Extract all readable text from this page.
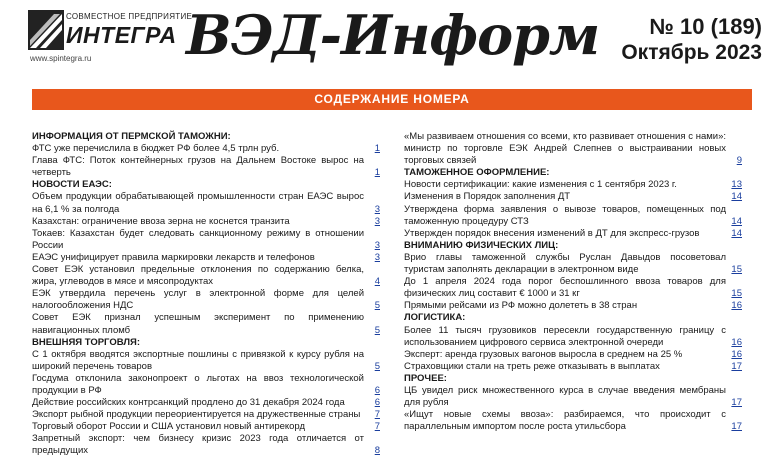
СОВМЕСТНОЕ ПРЕДПРИЯТИЕ
ИНТЕГРА
www.spintegra.ru ВЭД-Информ	№ 10 (189)
Октябрь 2023
СОДЕРЖАНИЕ НОМЕРА
ИНФОРМАЦИЯ ОТ ПЕРМСКОЙ ТАМОЖНИ:
ФТС уже перечислила в бюджет РФ более 4,5 трлн руб.	1
Глава ФТС: Поток контейнерных грузов на Дальнем Востоке вырос на четверть	1
НОВОСТИ ЕАЭС:
Объем продукции обрабатывающей промышленности стран ЕАЭС вырос на 6,1 % за полгода	3
Казахстан: ограничение ввоза зерна не коснется транзита	3
Токаев: Казахстан будет следовать санкционному режиму в отношении России	3
ЕАЭС унифицирует правила маркировки лекарств и телефонов	3
Совет ЕЭК установил предельные отклонения по содержанию белка, жира, углеводов в мясе и мясопродуктах	4
ЕЭК утвердила перечень услуг в электронной форме для целей налогообложения НДС	5
Совет ЕЭК признал успешным эксперимент по применению навигационных пломб	5
ВНЕШНЯЯ ТОРГОВЛЯ:
С 1 октября вводятся экспортные пошлины с привязкой к курсу рубля на широкий перечень товаров	5
Госдума отклонила законопроект о льготах на ввоз технологической продукции в РФ	6
Действие российских контрсанкций продлено до 31 декабря 2024 года	6
Экспорт рыбной продукции переориентируется на дружественные страны	7
Торговый оборот России и США установил новый антирекорд	7
Запретный экспорт: чем бизнесу кризис 2023 года отличается от предыдущих	8
«Мы развиваем отношения со всеми, кто развивает отношения с нами»: министр по торговле ЕЭК Андрей Слепнев о выстраивании новых торговых связей	9
ТАМОЖЕННОЕ ОФОРМЛЕНИЕ:
Новости сертификации: какие изменения с 1 сентября 2023 г.	13
Изменения в Порядок заполнения ДТ	14
Утверждена форма заявления о вывозе товаров, помещенных под таможенную процедуру СТЗ	14
Утвержден порядок внесения изменений в ДТ для экспресс-грузов	14
ВНИМАНИЮ ФИЗИЧЕСКИХ ЛИЦ:
Врио главы таможенной службы Руслан Давыдов посоветовал туристам заполнять декларации в электронном виде	15
До 1 апреля 2024 года порог беспошлинного ввоза товаров для физических лиц составит € 1000 и 31 кг	15
Прямыми рейсами из РФ можно долететь в 38 стран	16
ЛОГИСТИКА:
Более 11 тысяч грузовиков пересекли государственную границу с использованием цифрового сервиса электронной очереди	16
Эксперт: аренда грузовых вагонов выросла в среднем на 25 %	16
Страховщики стали на треть реже отказывать в выплатах	17
ПРОЧЕЕ:
ЦБ увидел риск множественного курса в случае введения мембраны для рубля	17
«Ищут новые схемы ввоза»: разбираемся, что происходит с параллельным импортом после роста утильсбора	17
